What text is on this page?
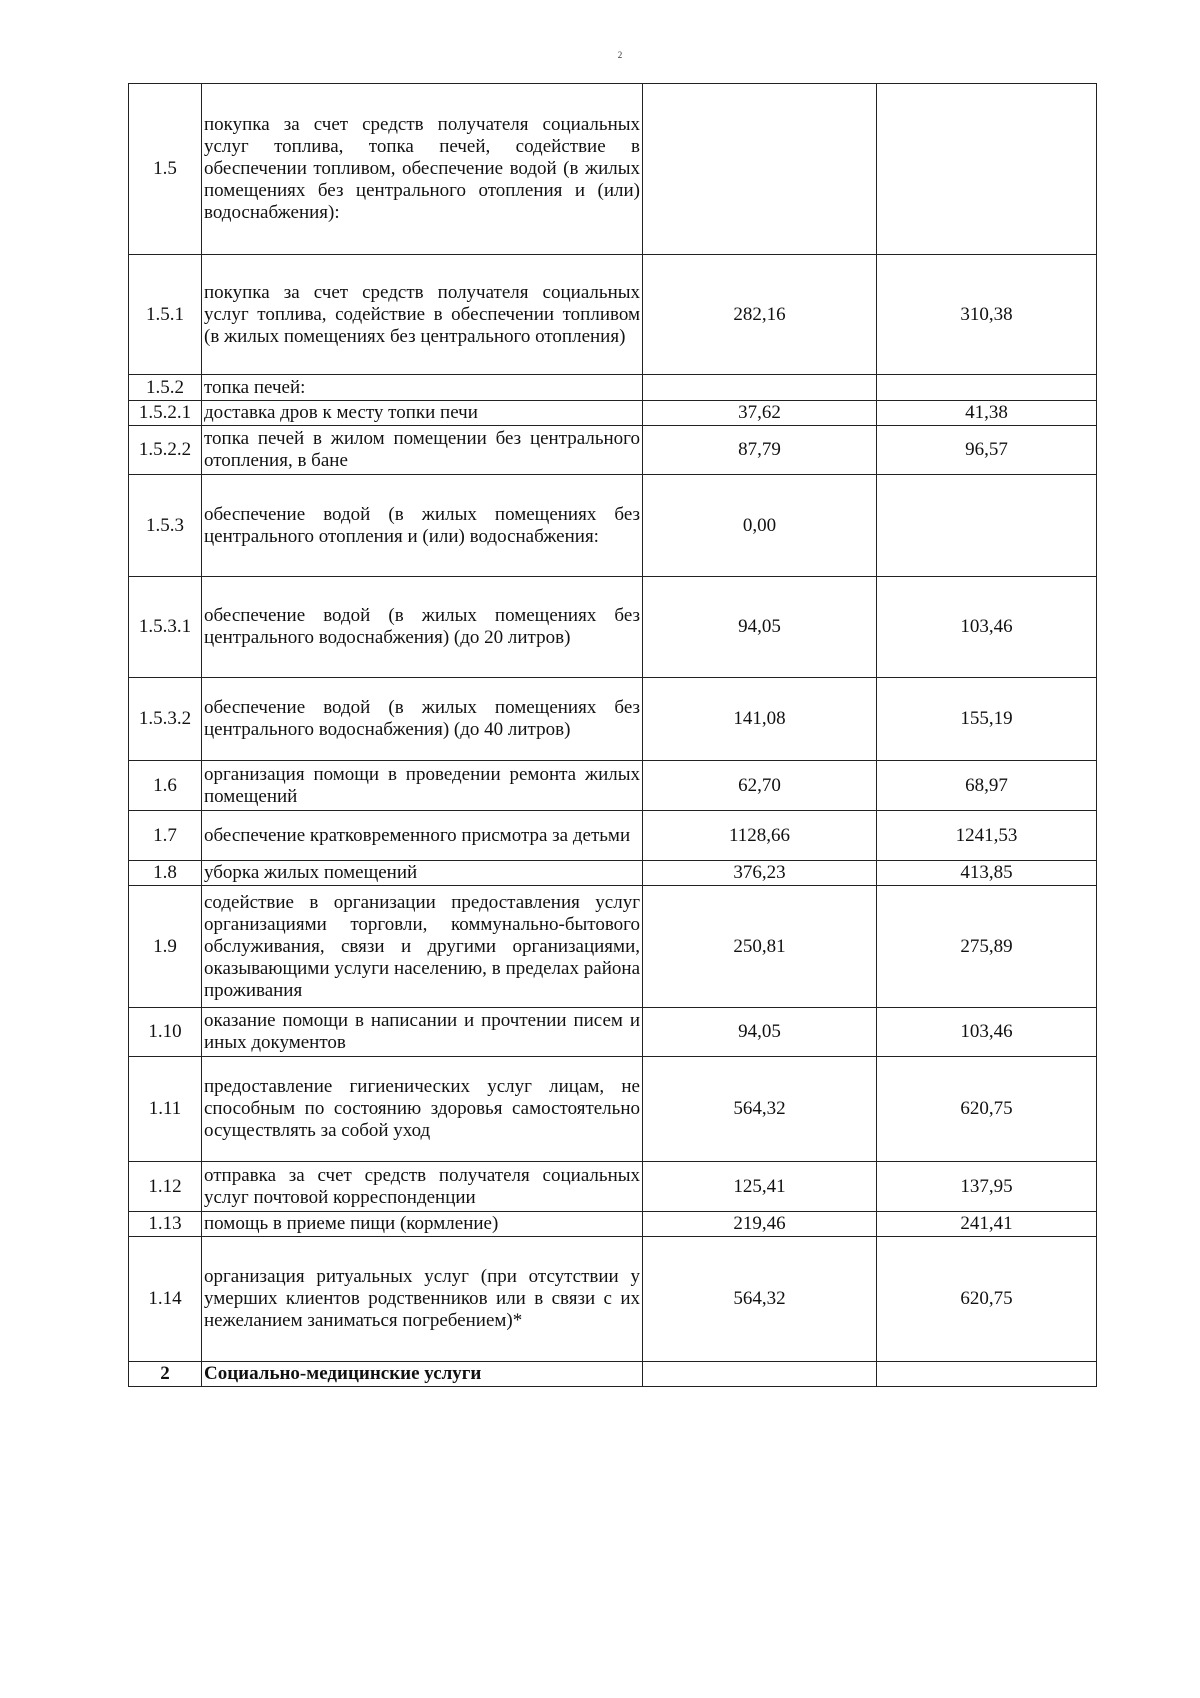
2
1.5	покупка за счет средств получателя социальных услуг топлива, топка печей, содействие в обеспечении топливом, обеспечение водой (в жилых помещениях без центрального отопления и (или) водоснабжения):		
1.5.1	покупка за счет средств получателя социальных услуг топлива, содействие в обеспечении топливом (в жилых помещениях без центрального отопления)	282,16	310,38
1.5.2	топка печей:		
1.5.2.1	доставка дров к месту топки печи	37,62	41,38
1.5.2.2	топка печей в жилом помещении без центрального отопления, в бане	87,79	96,57
1.5.3	обеспечение водой (в жилых помещениях без центрального отопления и (или) водоснабжения:	0,00	
1.5.3.1	обеспечение водой (в жилых помещениях без центрального водоснабжения) (до 20 литров)	94,05	103,46
1.5.3.2	обеспечение водой (в жилых помещениях без центрального водоснабжения) (до 40 литров)	141,08	155,19
1.6	организация помощи в проведении ремонта жилых помещений	62,70	68,97
1.7	обеспечение кратковременного присмотра за детьми	1128,66	1241,53
1.8	уборка жилых помещений	376,23	413,85
1.9	содействие в организации предоставления услуг организациями торговли, коммунально-бытового обслуживания, связи и другими организациями, оказывающими услуги населению, в пределах района проживания	250,81	275,89
1.10	оказание помощи в написании и прочтении писем и иных документов	94,05	103,46
1.11	предоставление гигиенических услуг лицам, не способным по состоянию здоровья самостоятельно осуществлять за собой уход	564,32	620,75
1.12	отправка за счет средств получателя социальных услуг почтовой корреспонденции	125,41	137,95
1.13	помощь в приеме пищи (кормление)	219,46	241,41
1.14	организация ритуальных услуг (при отсутствии у умерших клиентов родственников или в связи с их нежеланием заниматься погребением)*	564,32	620,75
2	Социально-медицинские услуги		
